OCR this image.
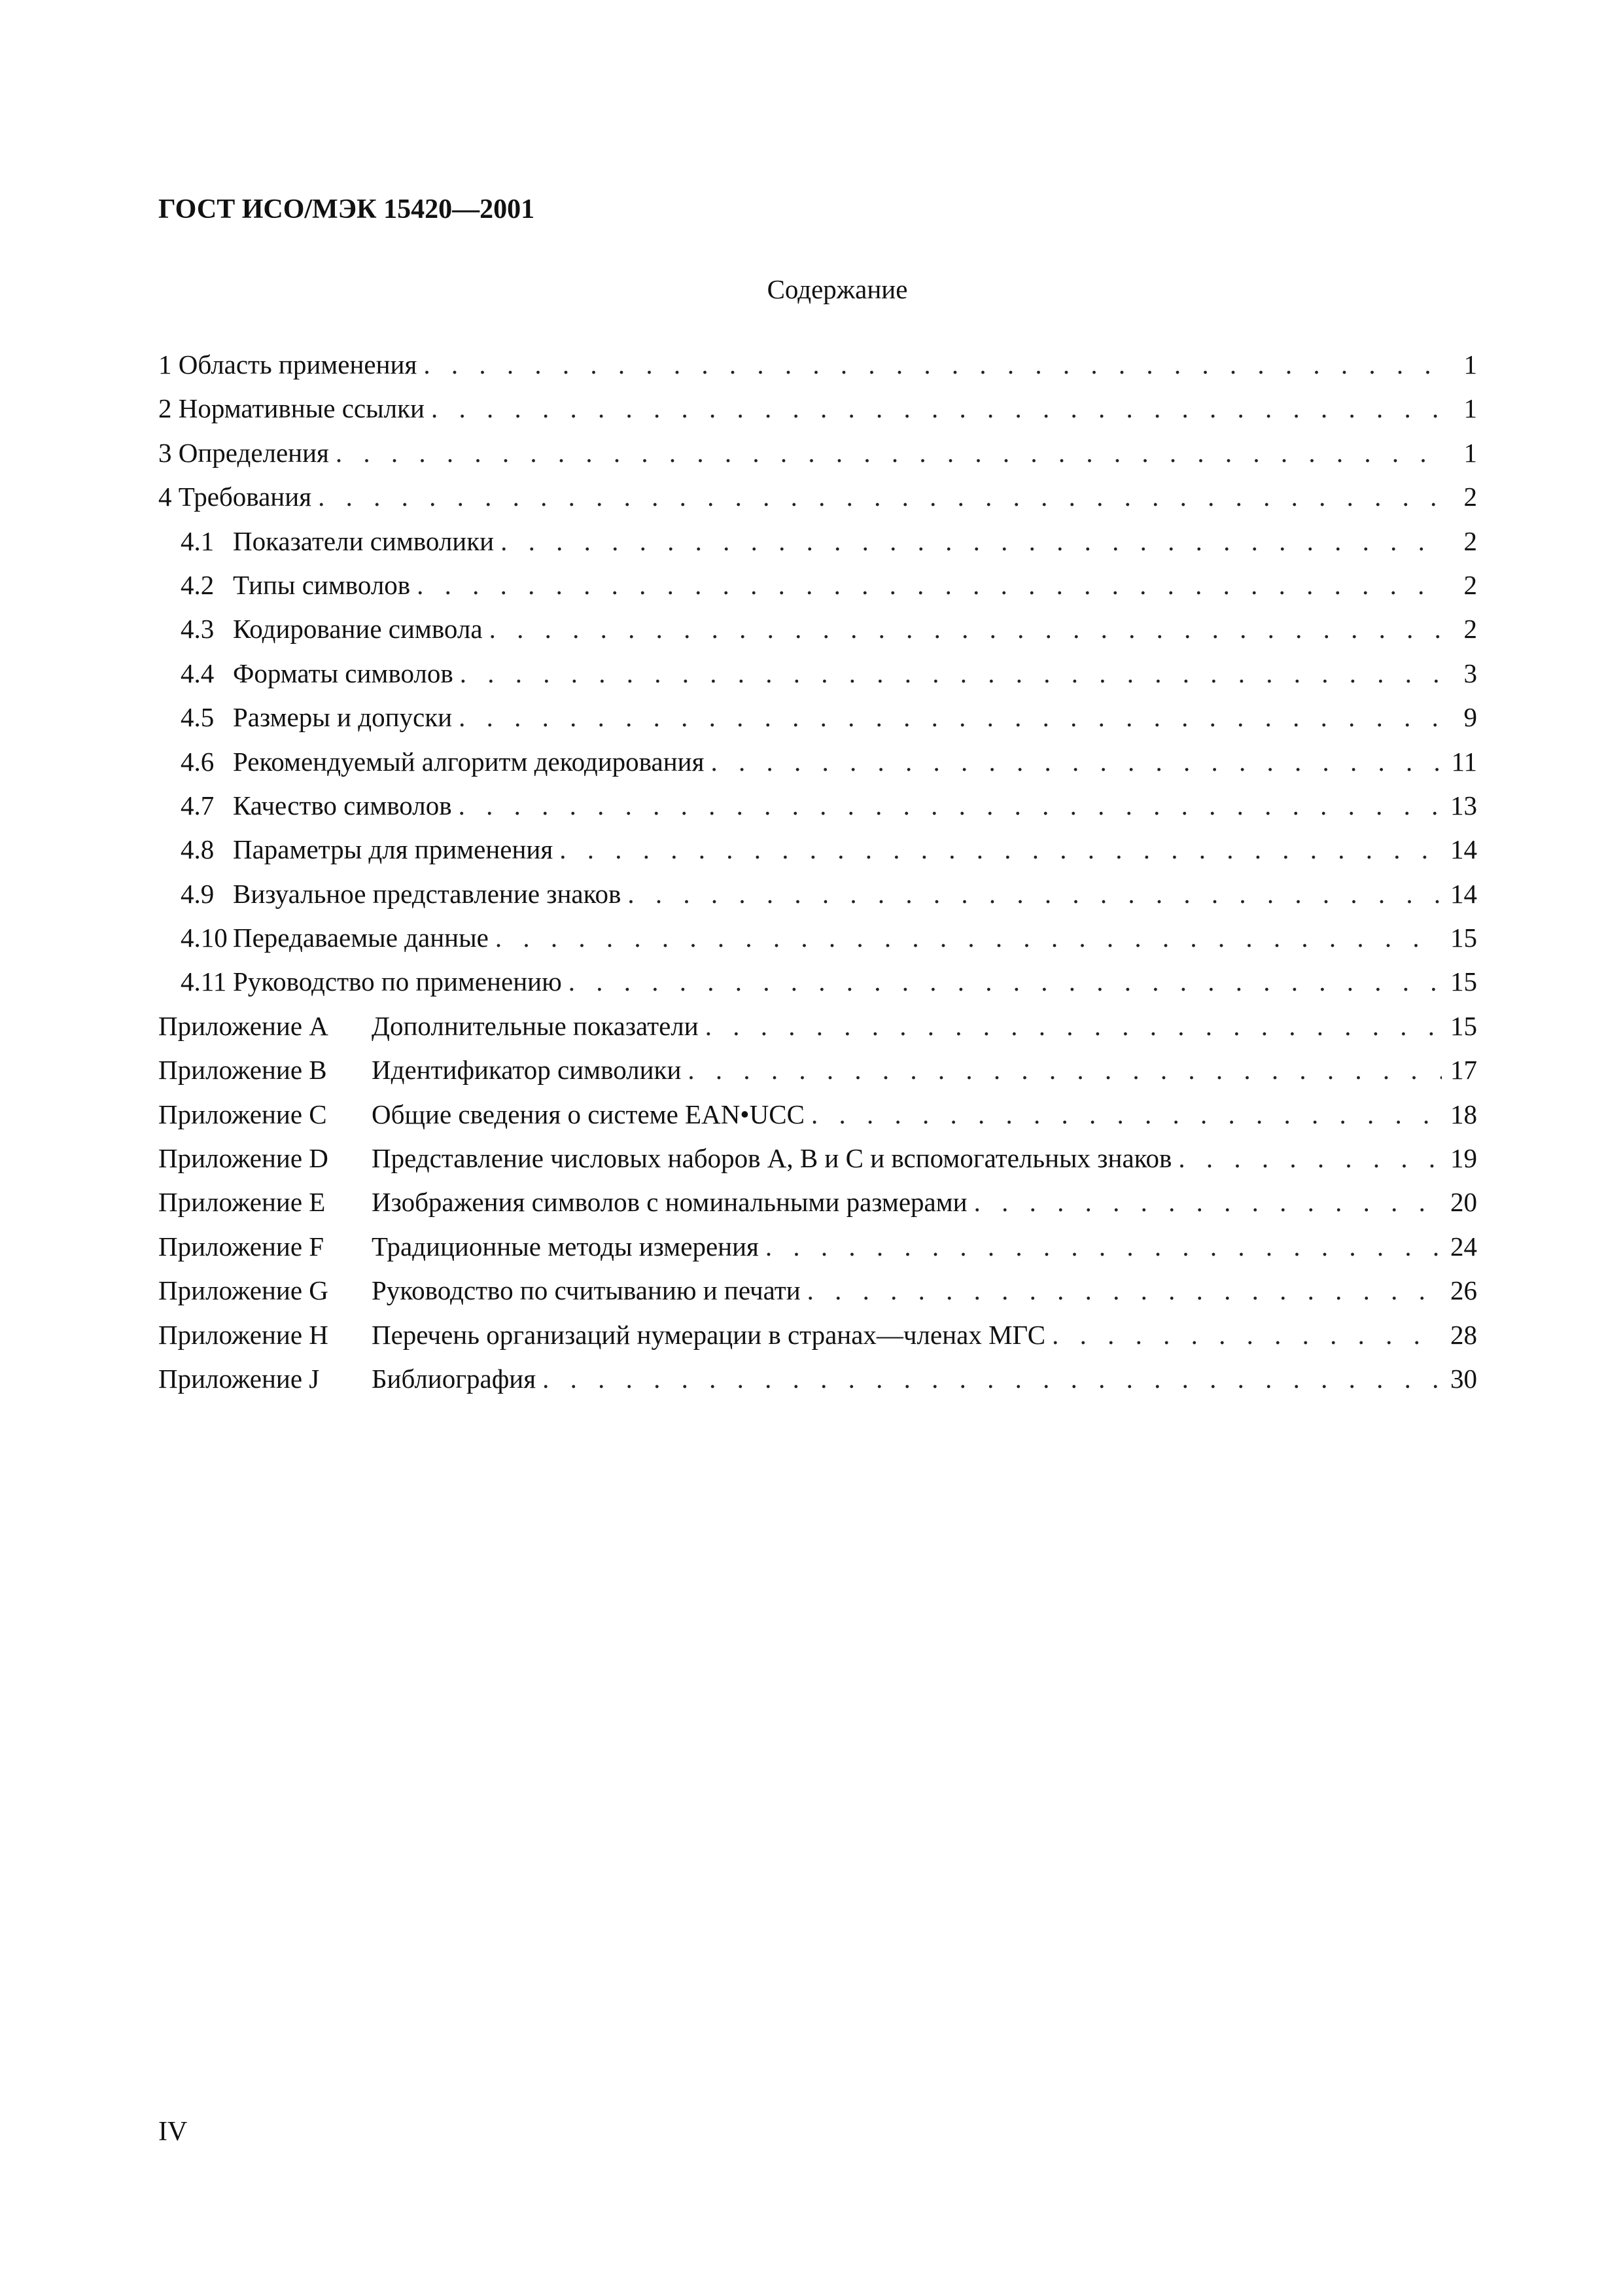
ГОСТ ИСО/МЭК 15420—2001
Содержание
1 Область применения . . .	1
2 Нормативные ссылки . . .	1
3 Определения . . .	1
4 Требования . . .	2
4.1 Показатели символики . . .	2
4.2 Типы символов . . .	2
4.3 Кодирование символа . . .	2
4.4 Форматы символов . . .	3
4.5 Размеры и допуски . . .	9
4.6 Рекомендуемый алгоритм декодирования . . .	11
4.7 Качество символов . . .	13
4.8 Параметры для применения . . .	14
4.9 Визуальное представление знаков . . .	14
4.10 Передаваемые данные . . .	15
4.11 Руководство по применению . . .	15
Приложение A Дополнительные показатели . . .	15
Приложение B Идентификатор символики . . .	17
Приложение C Общие сведения о системе EAN•UCC . . .	18
Приложение D Представление числовых наборов A, B и C и вспомогательных знаков . . .	19
Приложение E Изображения символов с номинальными размерами . . .	20
Приложение F Традиционные методы измерения . . .	24
Приложение G Руководство по считыванию и печати . . .	26
Приложение H Перечень организаций нумерации в странах—членах МГС . . .	28
Приложение J Библиография . . .	30
IV
